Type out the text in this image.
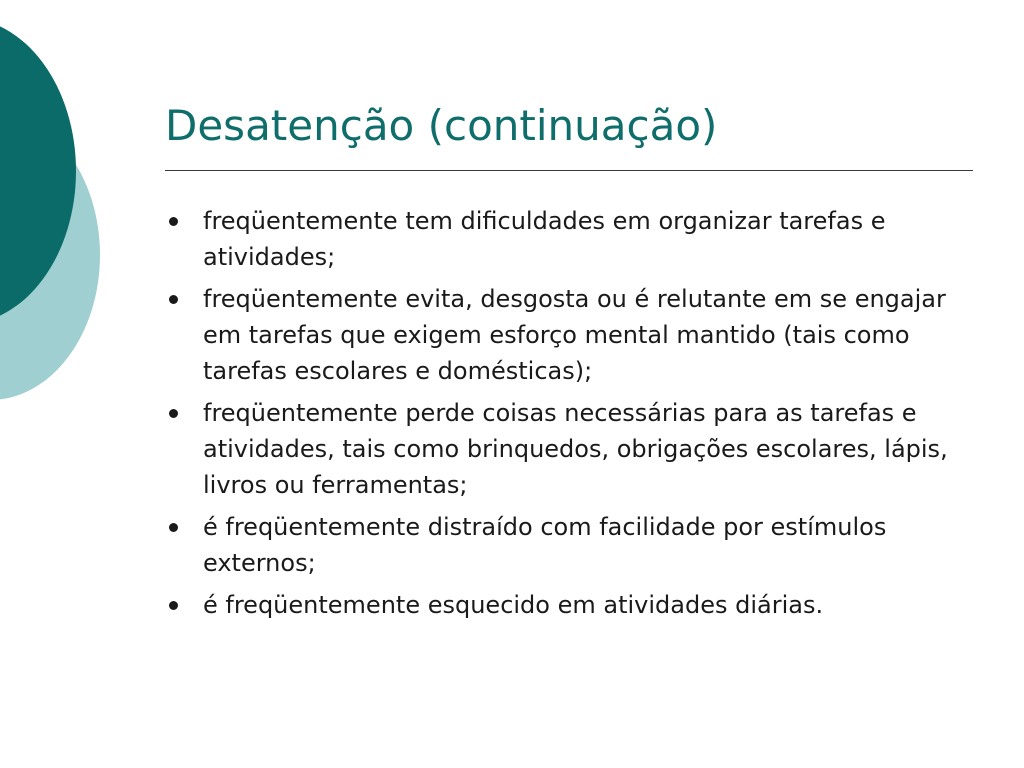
Desatenção (continuação)
freqüentemente tem dificuldades em organizar tarefas e atividades;
freqüentemente evita, desgosta ou é relutante em se engajar em tarefas que exigem esforço mental mantido (tais como tarefas escolares e domésticas);
freqüentemente perde coisas necessárias para as tarefas e atividades, tais como brinquedos, obrigações escolares, lápis, livros ou ferramentas;
é freqüentemente distraído com facilidade por estímulos externos;
é freqüentemente esquecido em atividades diárias.
